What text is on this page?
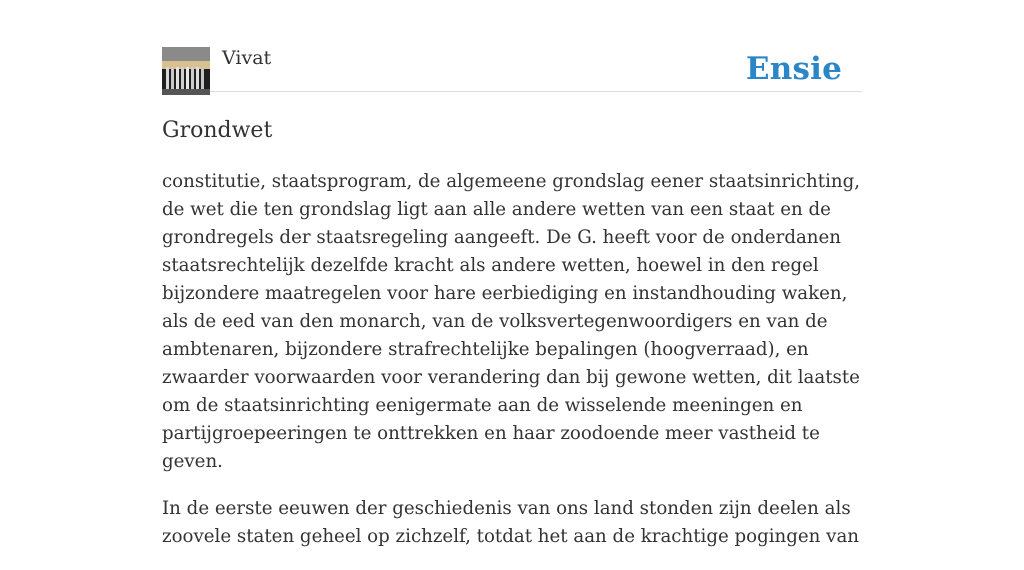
Vivat	Ensie
Grondwet

constitutie, staatsprogram, de algemeene grondslag eener staatsinrichting, de wet die ten grondslag ligt aan alle andere wetten van een staat en de grondregels der staatsregeling aangeeft. De G. heeft voor de onderdanen staatsrechtelijk dezelfde kracht als andere wetten, hoewel in den regel bijzondere maatregelen voor hare eerbiediging en instandhouding waken, als de eed van den monarch, van de volksvertegenwoordigers en van de ambtenaren, bijzondere strafrechtelijke bepalingen (hoogverraad), en zwaarder voorwaarden voor verandering dan bij gewone wetten, dit laatste om de staatsinrichting eenigermate aan de wisselende meeningen en partijgroepeeringen te onttrekken en haar zoodoende meer vastheid te geven.

In de eerste eeuwen der geschiedenis van ons land stonden zijn deelen als zoovele staten geheel op zichzelf, totdat het aan de krachtige pogingen van
